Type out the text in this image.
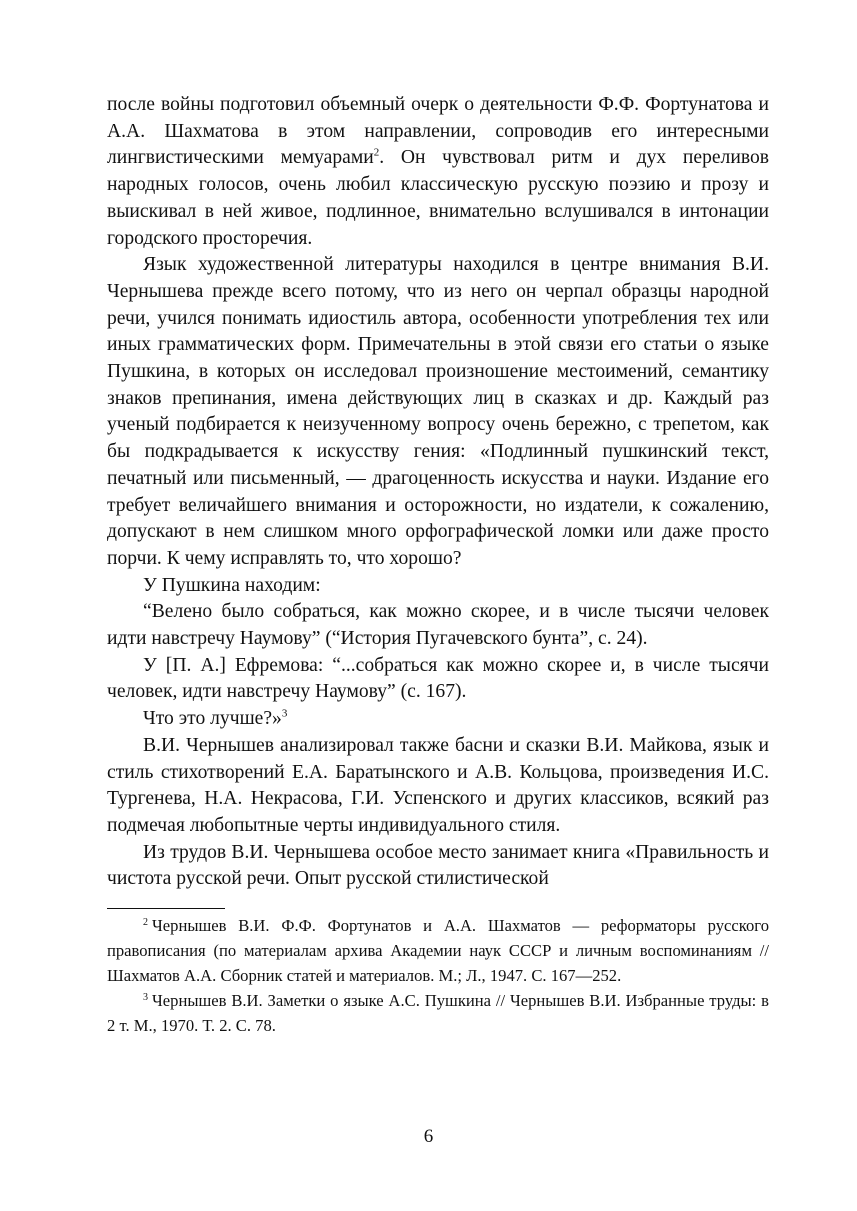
после войны подготовил объемный очерк о деятельности Ф.Ф. Фортунатова и А.А. Шахматова в этом направлении, сопроводив его интересными лингвистическими мемуарами$^2$. Он чувствовал ритм и дух переливов народных голосов, очень любил классическую русскую поэзию и прозу и выискивал в ней живое, подлинное, внимательно вслушивался в интонации городского просторечия.

Язык художественной литературы находился в центре внимания В.И. Чернышева прежде всего потому, что из него он черпал образцы народной речи, учился понимать идиостиль автора, особенности употребления тех или иных грамматических форм. Примечательны в этой связи его статьи о языке Пушкина, в которых он исследовал произношение местоимений, семантику знаков препинания, имена действующих лиц в сказках и др. Каждый раз ученый подбирается к неизученному вопросу очень бережно, с трепетом, как бы подкрадывается к искусству гения: «Подлинный пушкинский текст, печатный или письменный, — драгоценность искусства и науки. Издание его требует величайшего внимания и осторожности, но издатели, к сожалению, допускают в нем слишком много орфографической ломки или даже просто порчи. К чему исправлять то, что хорошо?

У Пушкина находим:

“Велено было собраться, как можно скорее, и в числе тысячи человек идти навстречу Наумову” (“История Пугачевского бунта”, с. 24).

У [П. А.] Ефремова: “...собраться как можно скорее и, в числе тысячи человек, идти навстречу Наумову” (с. 167).

Что это лучше?»$^3$

В.И. Чернышев анализировал также басни и сказки В.И. Майкова, язык и стиль стихотворений Е.А. Баратынского и А.В. Кольцова, произведения И.С. Тургенева, Н.А. Некрасова, Г.И. Успенского и других классиков, всякий раз подмечая любопытные черты индивидуального стиля.

Из трудов В.И. Чернышева особое место занимает книга «Правильность и чистота русской речи. Опыт русской стилистической

$^2$ Чернышев В.И. Ф.Ф. Фортунатов и А.А. Шахматов — реформаторы русского правописания (по материалам архива Академии наук СССР и личным воспоминаниям // Шахматов А.А. Сборник статей и материалов. М.; Л., 1947. С. 167—252.

$^3$ Чернышев В.И. Заметки о языке А.С. Пушкина // Чернышев В.И. Избранные труды: в 2 т. М., 1970. Т. 2. С. 78.

6
